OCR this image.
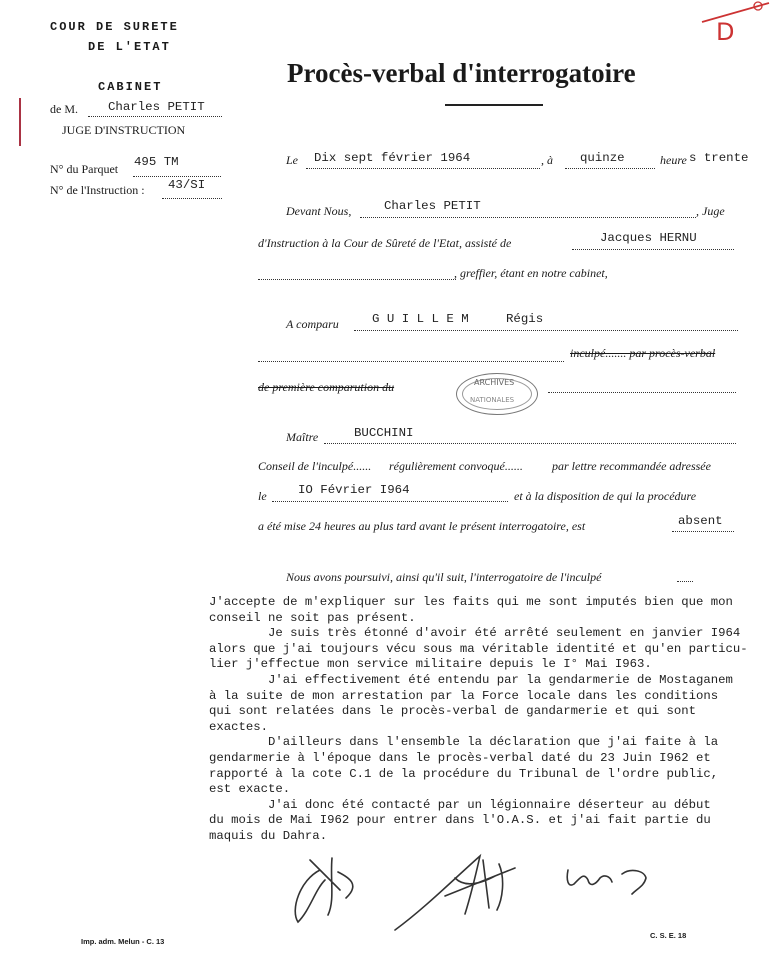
D
COUR DE SURETE
DE L'ETAT
CABINET
de M. Charles PETIT
JUGE D'INSTRUCTION
N° du Parquet 495 TM
N° de l'Instruction : 43/SI
Procès-verbal d'interrogatoire
Le Dix sept février 1964	, à quinze	heure s trente
Devant Nous,	Charles PETIT	, Juge
d'Instruction à la Cour de Sûreté de l'Etat, assisté de	Jacques HERNU
, greffier, étant en notre cabinet,
A comparu	G U I L L E M	Régis
inculpé....... par procès-verbal
de première comparution du	ARCHIVES
NATIONALES
Maître	BUCCHINI
Conseil de l'inculpé...... régulièrement convoqué...... par lettre recommandée adressée
le	IO Février I964	et à la disposition de qui la procédure
a été mise 24 heures au plus tard avant le présent interrogatoire, est	absent
Nous avons poursuivi, ainsi qu'il suit, l'interrogatoire de l'inculpé
J'accepte de m'expliquer sur les faits qui me sont imputés bien que mon
conseil ne soit pas présent.
Je suis très étonné d'avoir été arrêté seulement en janvier I964
alors que j'ai toujours vécu sous ma véritable identité et qu'en particu-
lier j'effectue mon service militaire depuis le I° Mai I963.
J'ai effectivement été entendu par la gendarmerie de Mostaganem
à la suite de mon arrestation par la Force locale dans les conditions
qui sont relatées dans le procès-verbal de gandarmerie et qui sont
exactes.
D'ailleurs dans l'ensemble la déclaration que j'ai faite à la
gendarmerie à l'époque dans le procès-verbal daté du 23 Juin I962 et
rapporté à la cote C.1 de la procédure du Tribunal de l'ordre public,
est exacte.
J'ai donc été contacté par un légionnaire déserteur au début
du mois de Mai I962 pour entrer dans l'O.A.S. et j'ai fait partie du
maquis du Dahra.
Imp. adm. Melun - C. 13
C. S. E. 18
